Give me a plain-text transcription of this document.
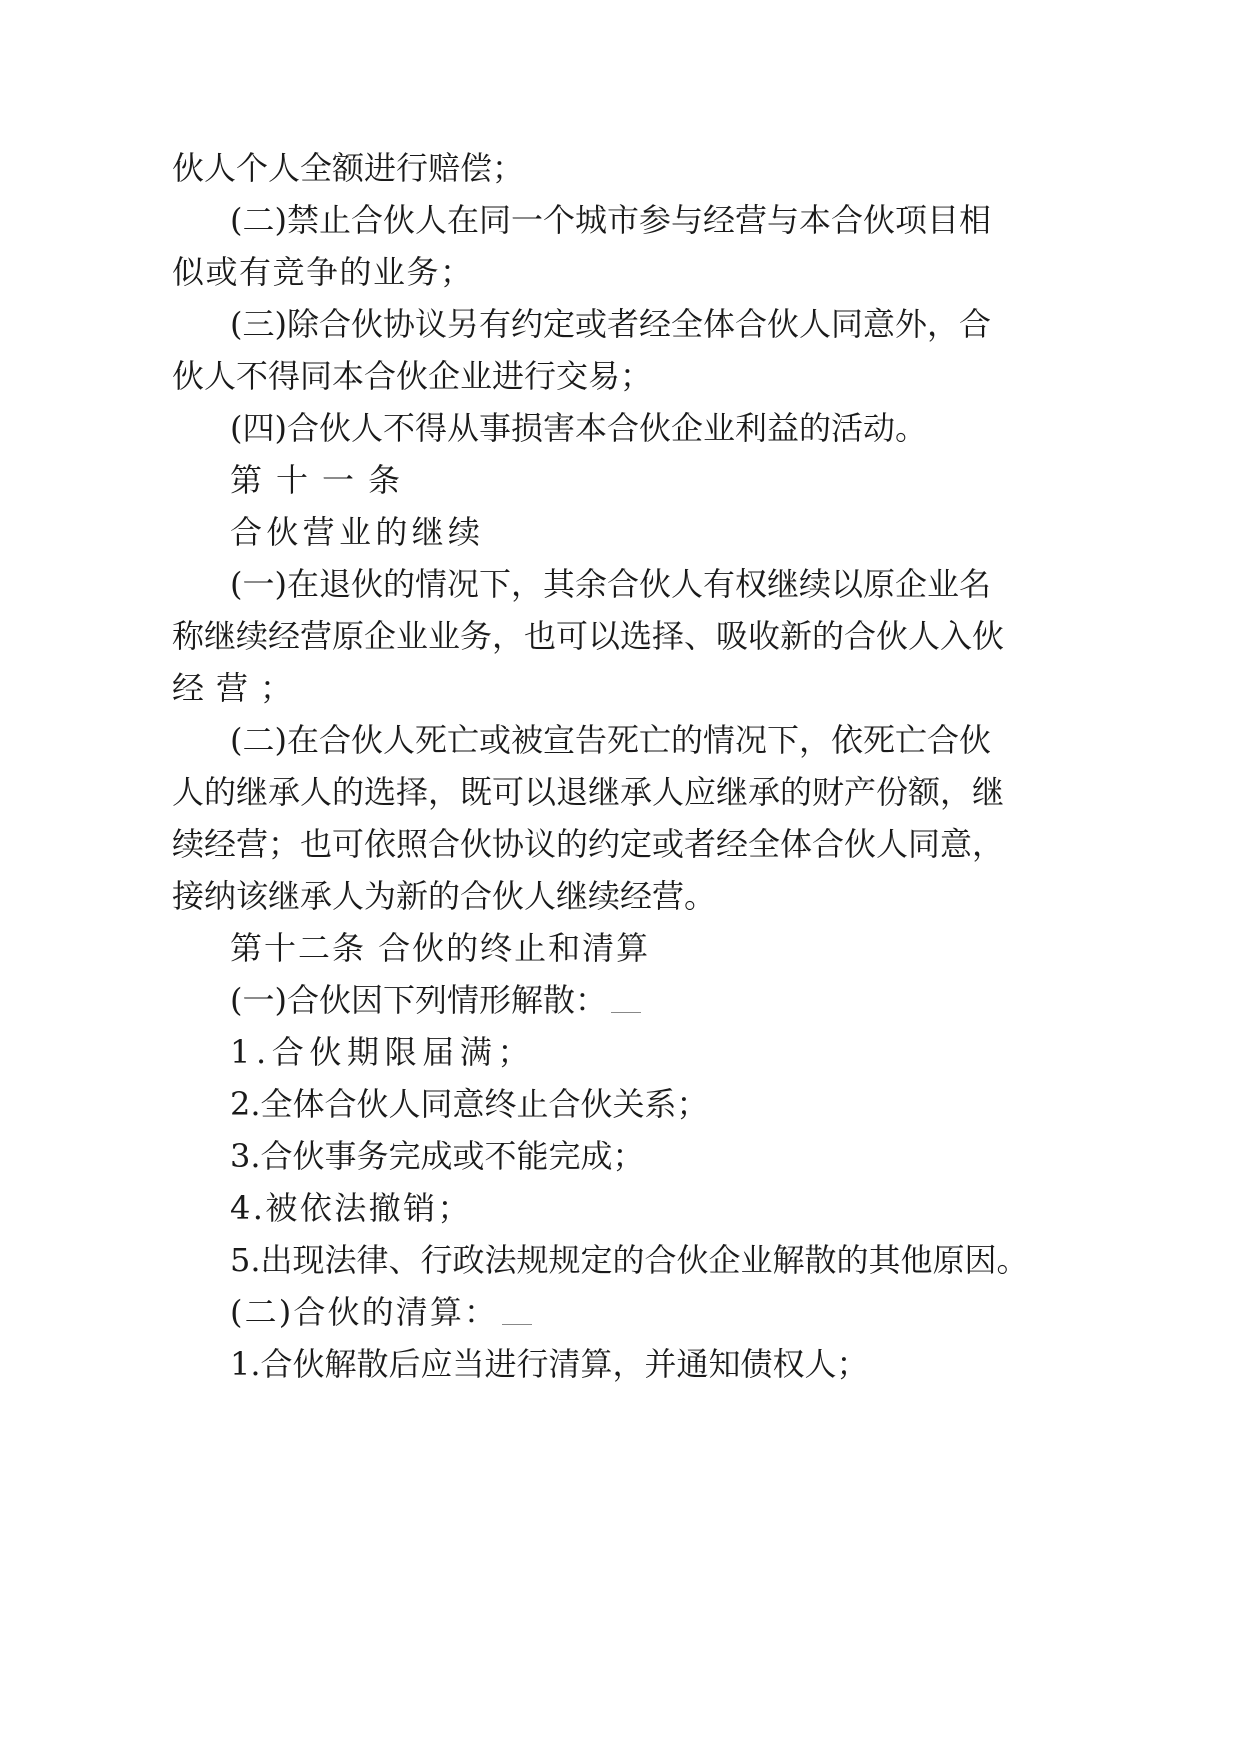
伙人个人全额进行赔偿；
(二)禁止合伙人在同一个城市参与经营与本合伙项目相
似或有竞争的业务；
(三)除合伙协议另有约定或者经全体合伙人同意外，合
伙人不得同本合伙企业进行交易；
(四)合伙人不得从事损害本合伙企业利益的活动。
第十一条
合伙营业的继续
(一)在退伙的情况下，其余合伙人有权继续以原企业名
称继续经营原企业业务，也可以选择、吸收新的合伙人入伙
经营；
(二)在合伙人死亡或被宣告死亡的情况下，依死亡合伙
人的继承人的选择，既可以退继承人应继承的财产份额，继
续经营；也可依照合伙协议的约定或者经全体合伙人同意，
接纳该继承人为新的合伙人继续经营。
第十二条 合伙的终止和清算
(一)合伙因下列情形解散：
1.合伙期限届满；
2.全体合伙人同意终止合伙关系；
3.合伙事务完成或不能完成；
4.被依法撤销；
5.出现法律、行政法规规定的合伙企业解散的其他原因。
(二)合伙的清算：
1.合伙解散后应当进行清算，并通知债权人；
